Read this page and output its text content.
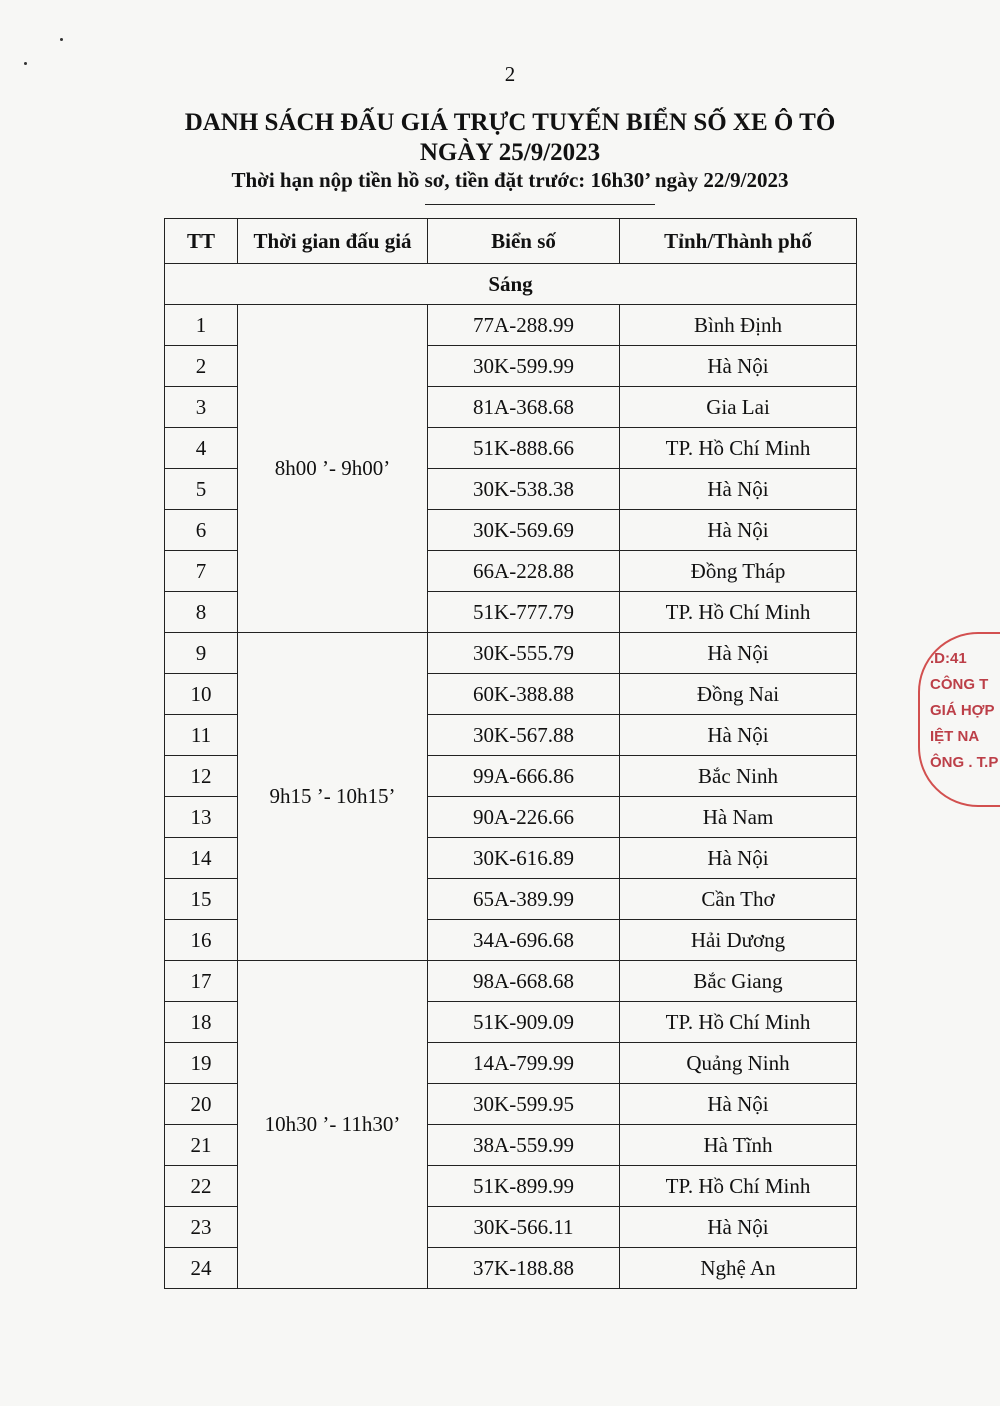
2
DANH SÁCH ĐẤU GIÁ TRỰC TUYẾN BIỂN SỐ XE Ô TÔ
NGÀY 25/9/2023
Thời hạn nộp tiền hồ sơ, tiền đặt trước: 16h30’ ngày 22/9/2023
TT	Thời gian đấu giá	Biển số	Tỉnh/Thành phố
Sáng			
1	8h00 ’- 9h00’	77A-288.99	Bình Định
2		30K-599.99	Hà Nội
3		81A-368.68	Gia Lai
4		51K-888.66	TP. Hồ Chí Minh
5		30K-538.38	Hà Nội
6		30K-569.69	Hà Nội
7		66A-228.88	Đồng Tháp
8		51K-777.79	TP. Hồ Chí Minh
9	9h15 ’- 10h15’	30K-555.79	Hà Nội
10		60K-388.88	Đồng Nai
11		30K-567.88	Hà Nội
12		99A-666.86	Bắc Ninh
13		90A-226.66	Hà Nam
14		30K-616.89	Hà Nội
15		65A-389.99	Cần Thơ
16		34A-696.68	Hải Dương
17	10h30 ’- 11h30’	98A-668.68	Bắc Giang
18		51K-909.09	TP. Hồ Chí Minh
19		14A-799.99	Quảng Ninh
20		30K-599.95	Hà Nội
21		38A-559.99	Hà Tĩnh
22		51K-899.99	TP. Hồ Chí Minh
23		30K-566.11	Hà Nội
24		37K-188.88	Nghệ An
.D:41
CÔNG T
GIÁ HỢP
IỆT NA
ÔNG . T.P
